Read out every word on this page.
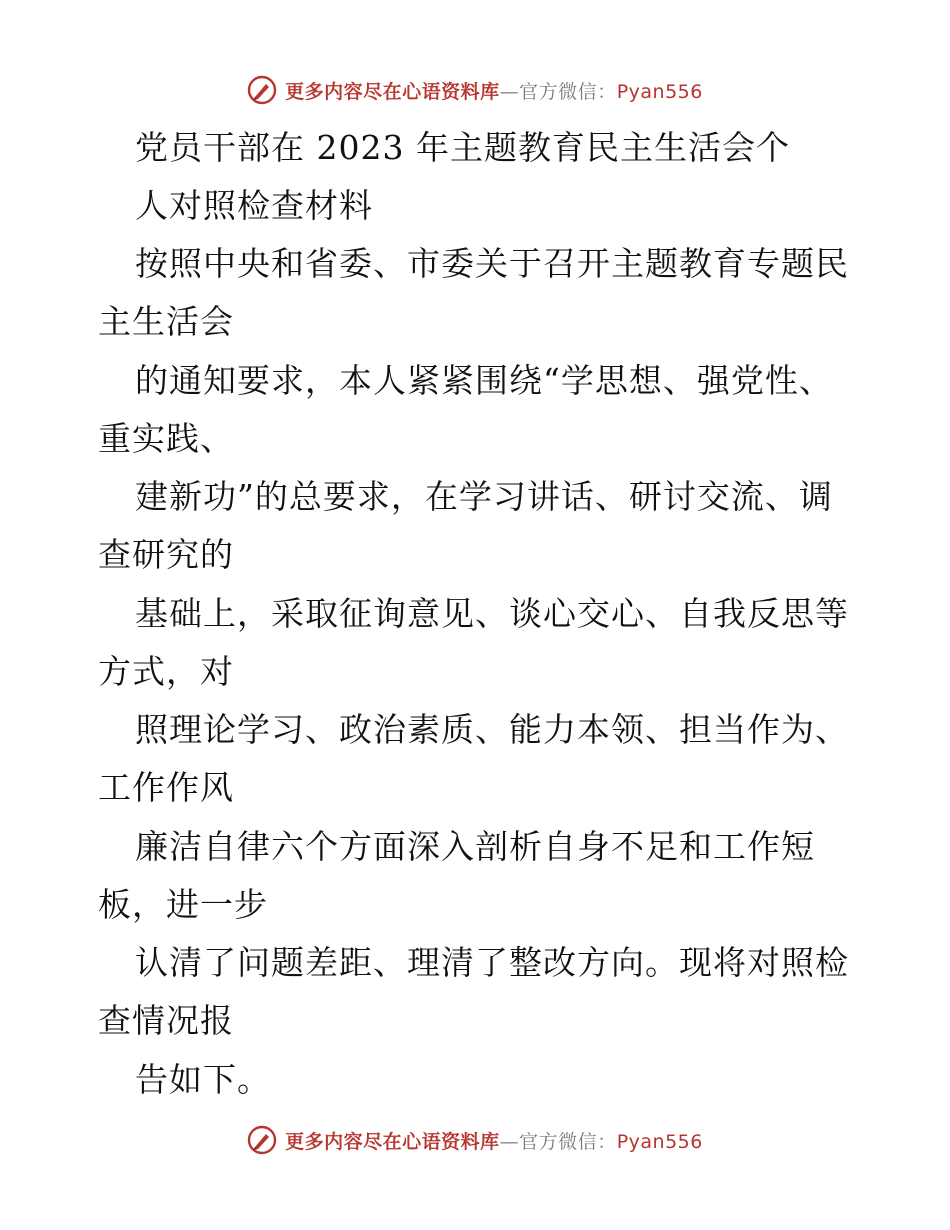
更多内容尽在心语资料库—官方微信：Pyan556
党员干部在 2023 年主题教育民主生活会个
人对照检查材料
按照中央和省委、市委关于召开主题教育专题民
主生活会
的通知要求，本人紧紧围绕“学思想、强党性、
重实践、
建新功”的总要求，在学习讲话、研讨交流、调
查研究的
基础上，采取征询意见、谈心交心、自我反思等
方式，对
照理论学习、政治素质、能力本领、担当作为、
工作作风
廉洁自律六个方面深入剖析自身不足和工作短
板，进一步
认清了问题差距、理清了整改方向。现将对照检
查情况报
告如下。
更多内容尽在心语资料库—官方微信：Pyan556
